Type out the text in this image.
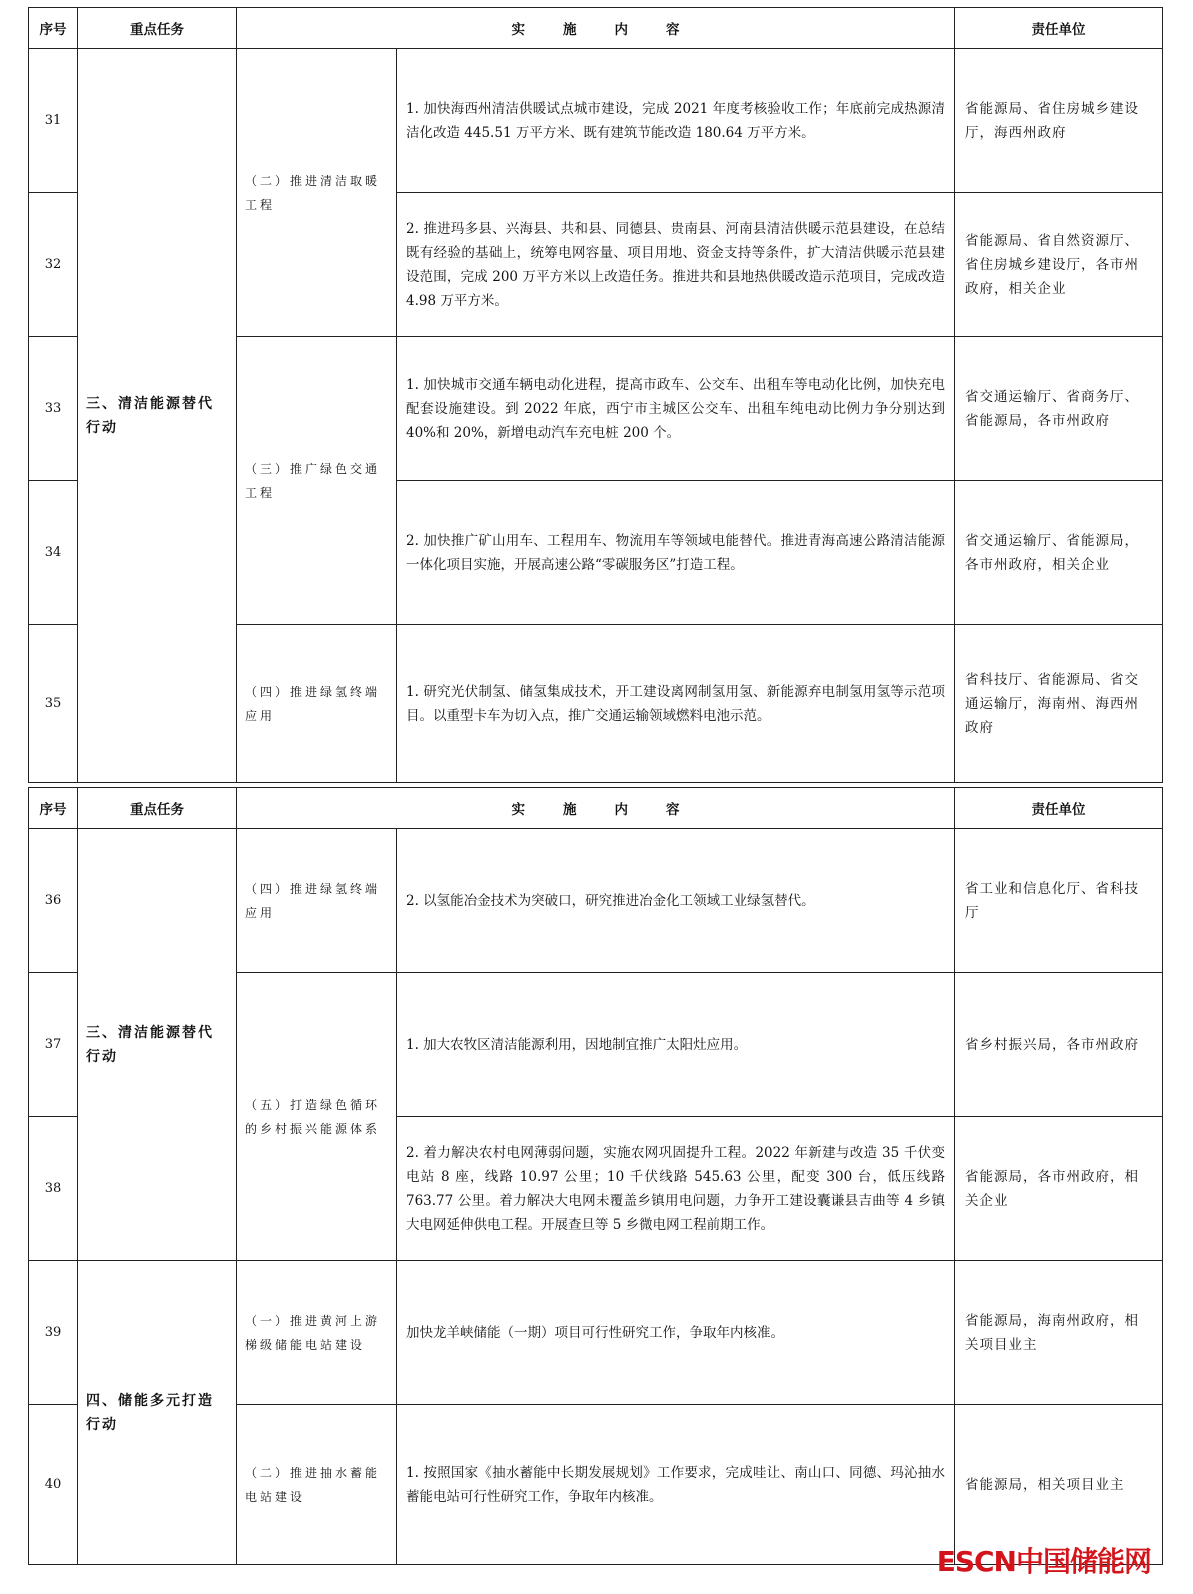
序号	重点任务	实施内容		责任单位
31	三、清洁能源替代行动	（二）推进清洁取暖工程	1. 加快海西州清洁供暖试点城市建设，完成 2021 年度考核验收工作；年底前完成热源清洁化改造 445.51 万平方米、既有建筑节能改造 180.64 万平方米。	省能源局、省住房城乡建设厅，海西州政府
32			2. 推进玛多县、兴海县、共和县、同德县、贵南县、河南县清洁供暖示范县建设，在总结既有经验的基础上，统筹电网容量、项目用地、资金支持等条件，扩大清洁供暖示范县建设范围，完成 200 万平方米以上改造任务。推进共和县地热供暖改造示范项目，完成改造 4.98 万平方米。	省能源局、省自然资源厅、省住房城乡建设厅，各市州政府，相关企业
33		（三）推广绿色交通工程	1. 加快城市交通车辆电动化进程，提高市政车、公交车、出租车等电动化比例，加快充电配套设施建设。到 2022 年底，西宁市主城区公交车、出租车纯电动比例力争分别达到 40%和 20%，新增电动汽车充电桩 200 个。	省交通运输厅、省商务厅、省能源局，各市州政府
34			2. 加快推广矿山用车、工程用车、物流用车等领域电能替代。推进青海高速公路清洁能源一体化项目实施，开展高速公路“零碳服务区”打造工程。	省交通运输厅、省能源局，各市州政府，相关企业
35		（四）推进绿氢终端应用	1. 研究光伏制氢、储氢集成技术，开工建设离网制氢用氢、新能源弃电制氢用氢等示范项目。以重型卡车为切入点，推广交通运输领域燃料电池示范。	省科技厅、省能源局、省交通运输厅，海南州、海西州政府
序号	重点任务	实施内容		责任单位
36	三、清洁能源替代行动	（四）推进绿氢终端应用	2. 以氢能冶金技术为突破口，研究推进冶金化工领域工业绿氢替代。	省工业和信息化厅、省科技厅
37		（五）打造绿色循环的乡村振兴能源体系	1. 加大农牧区清洁能源利用，因地制宜推广太阳灶应用。	省乡村振兴局，各市州政府
38			2. 着力解决农村电网薄弱问题，实施农网巩固提升工程。2022 年新建与改造 35 千伏变电站 8 座，线路 10.97 公里；10 千伏线路 545.63 公里，配变 300 台，低压线路 763.77 公里。着力解决大电网未覆盖乡镇用电问题，力争开工建设囊谦县吉曲等 4 乡镇大电网延伸供电工程。开展查旦等 5 乡微电网工程前期工作。	省能源局，各市州政府，相关企业
39	四、储能多元打造行动	（一）推进黄河上游梯级储能电站建设	加快龙羊峡储能（一期）项目可行性研究工作，争取年内核准。	省能源局，海南州政府，相关项目业主
40		（二）推进抽水蓄能电站建设	1. 按照国家《抽水蓄能中长期发展规划》工作要求，完成哇让、南山口、同德、玛沁抽水蓄能电站可行性研究工作，争取年内核准。	省能源局，相关项目业主
ESCN中国储能网
